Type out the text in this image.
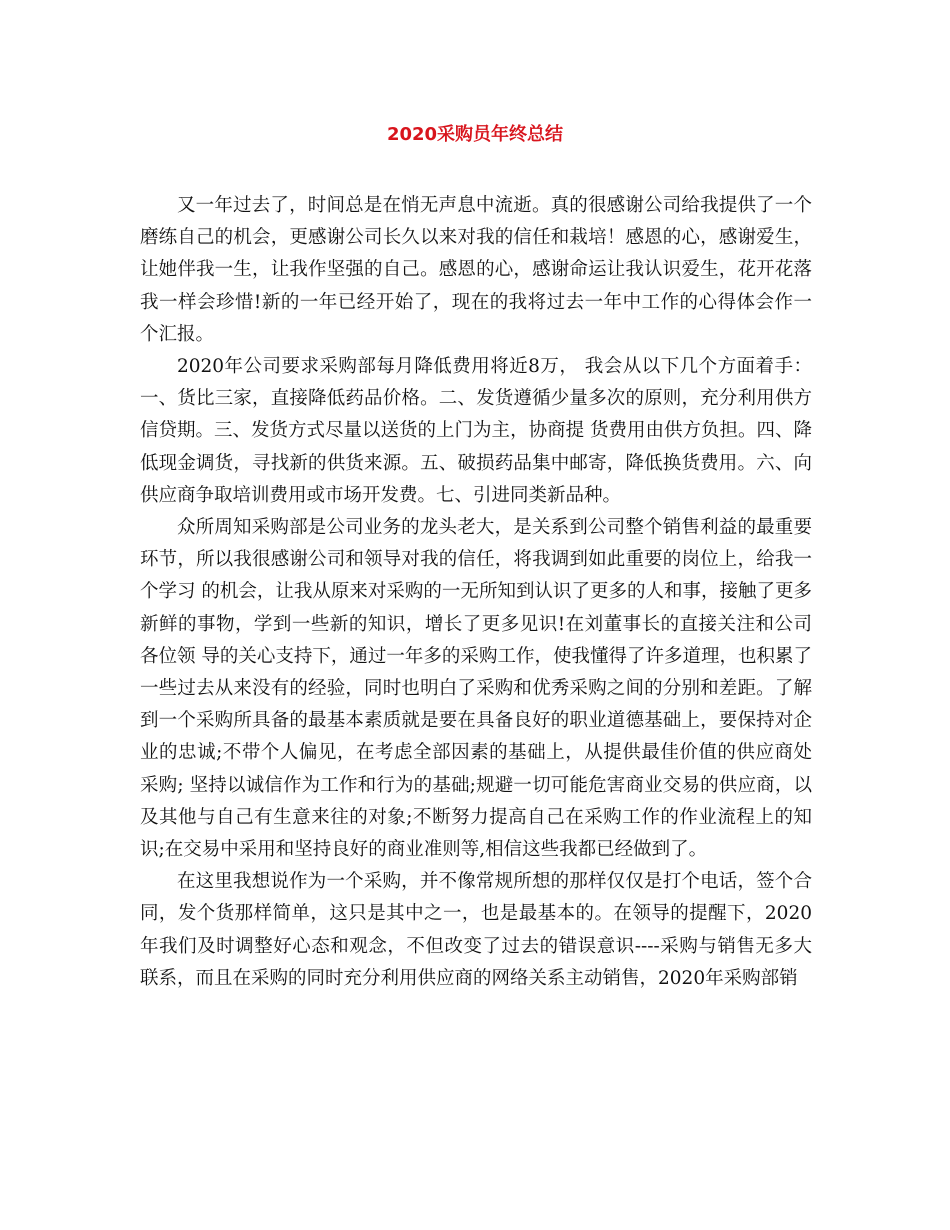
2020采购员年终总结

又一年过去了，时间总是在悄无声息中流逝。真的很感谢公司给我提供了一个磨练自己的机会，更感谢公司长久以来对我的信任和栽培！感恩的心，感谢爱生，让她伴我一生，让我作坚强的自己。感恩的心，感谢命运让我认识爱生，花开花落我一样会珍惜!新的一年已经开始了，现在的我将过去一年中工作的心得体会作一个汇报。

2020年公司要求采购部每月降低费用将近8万， 我会从以下几个方面着手：一、货比三家，直接降低药品价格。二、发货遵循少量多次的原则，充分利用供方信贷期。三、发货方式尽量以送货的上门为主，协商提 货费用由供方负担。四、降低现金调货，寻找新的供货来源。五、破损药品集中邮寄，降低换货费用。六、向供应商争取培训费用或市场开发费。七、引进同类新品种。

众所周知采购部是公司业务的龙头老大，是关系到公司整个销售利益的最重要环节，所以我很感谢公司和领导对我的信任，将我调到如此重要的岗位上，给我一个学习 的机会，让我从原来对采购的一无所知到认识了更多的人和事，接触了更多新鲜的事物，学到一些新的知识，增长了更多见识!在刘董事长的直接关注和公司各位领 导的关心支持下，通过一年多的采购工作，使我懂得了许多道理，也积累了一些过去从来没有的经验，同时也明白了采购和优秀采购之间的分别和差距。了解到一个采购所具备的最基本素质就是要在具备良好的职业道德基础上，要保持对企业的忠诚;不带个人偏见，在考虑全部因素的基础上，从提供最佳价值的供应商处采购; 坚持以诚信作为工作和行为的基础;规避一切可能危害商业交易的供应商，以及其他与自己有生意来往的对象;不断努力提高自己在采购工作的作业流程上的知识;在交易中采用和坚持良好的商业准则等,相信这些我都已经做到了。

在这里我想说作为一个采购，并不像常规所想的那样仅仅是打个电话，签个合同，发个货那样简单，这只是其中之一，也是最基本的。在领导的提醒下，2020年我们及时调整好心态和观念，不但改变了过去的错误意识----采购与销售无多大联系，而且在采购的同时充分利用供应商的网络关系主动销售，2020年采购部销
